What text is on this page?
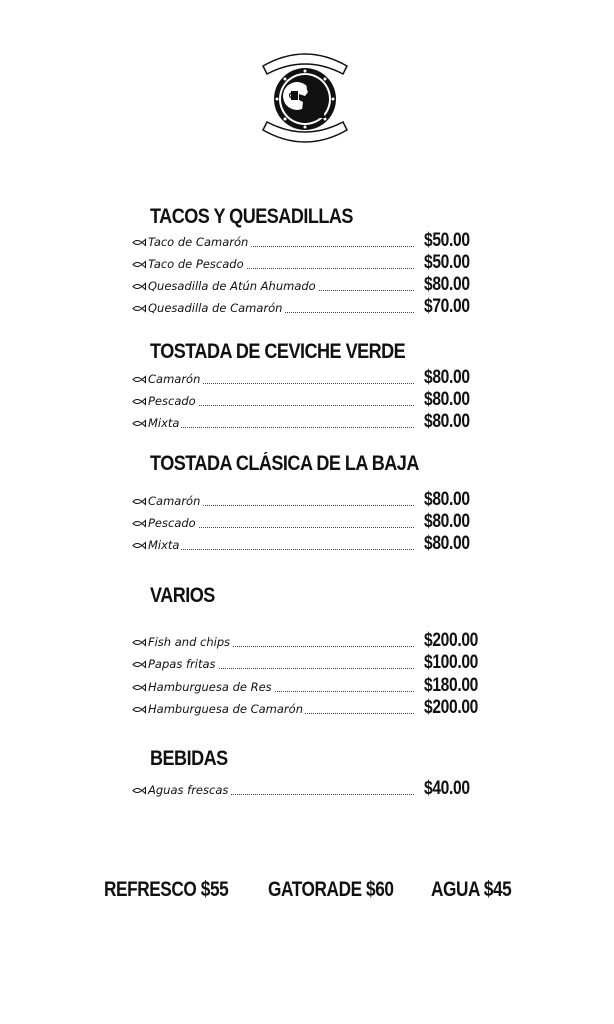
TACOS Y QUESADILLAS
Taco de Camarón	$50.00
Taco de Pescado	$50.00
Quesadilla de Atún Ahumado	$80.00
Quesadilla de Camarón	$70.00
TOSTADA DE CEVICHE VERDE
Camarón	$80.00
Pescado	$80.00
Mixta	$80.00
TOSTADA CLÁSICA DE LA BAJA
Camarón	$80.00
Pescado	$80.00
Mixta	$80.00
VARIOS
Fish and chips	$200.00
Papas fritas	$100.00
Hamburguesa de Res	$180.00
Hamburguesa de Camarón	$200.00
BEBIDAS
Aguas frescas	$40.00
REFRESCO $55 GATORADE $60 AGUA $45
